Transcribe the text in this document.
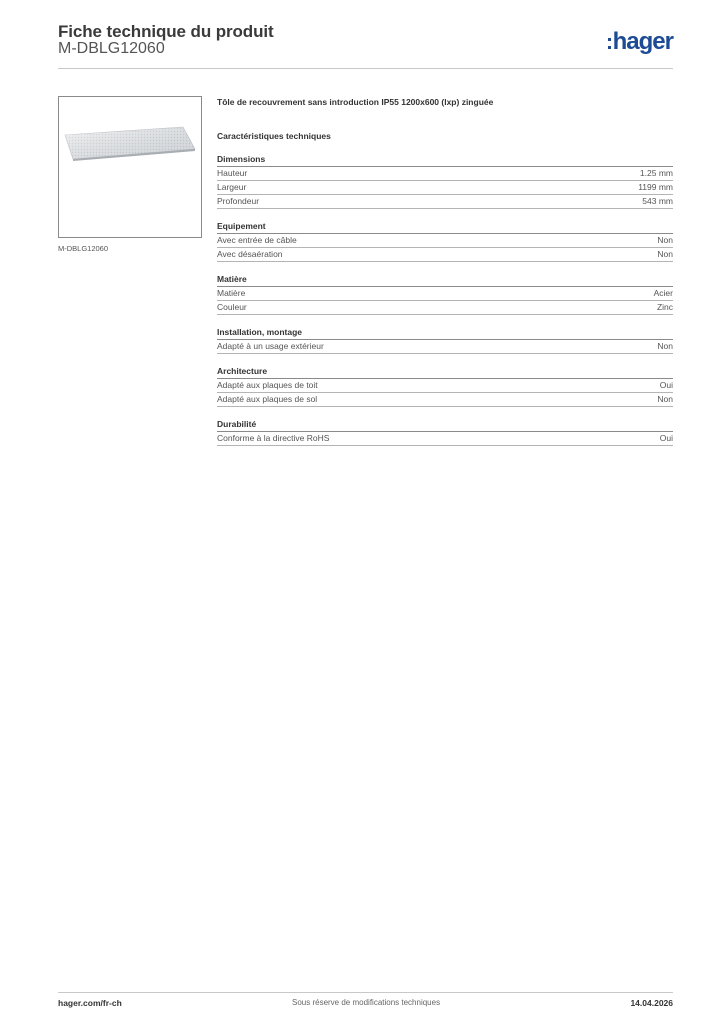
Fiche technique du produit
M-DBLG12060	hager
M-DBLG12060
Tôle de recouvrement sans introduction IP55 1200x600 (lxp) zinguée
Caractéristiques techniques
Dimensions
Hauteur	1.25 mm
Largeur	1199 mm
Profondeur	543 mm
Equipement
Avec entrée de câble	Non
Avec désaération	Non
Matière
Matière	Acier
Couleur	Zinc
Installation, montage
Adapté à un usage extérieur	Non
Architecture
Adapté aux plaques de toit	Oui
Adapté aux plaques de sol	Non
Durabilité
Conforme à la directive RoHS	Oui
hager.com/fr-ch	Sous réserve de modifications techniques	14.04.2026
